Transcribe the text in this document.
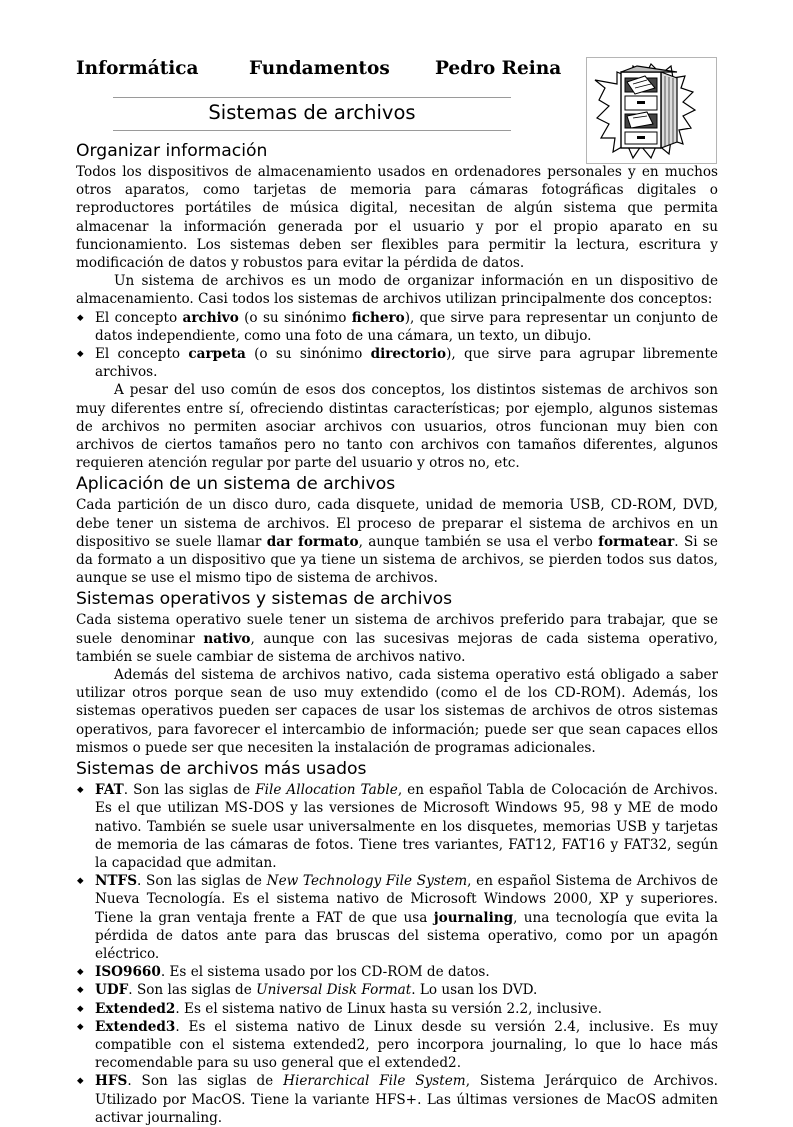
Informática	Fundamentos Pedro Reina
Sistemas de archivos
Organizar información

Todos los dispositivos de almacenamiento usados en ordenadores personales y en muchos otros aparatos, como tarjetas de memoria para cámaras fotográficas digitales o reproductores portátiles de música digital, necesitan de algún sistema que permita almacenar la información generada por el usuario y por el propio aparato en su funcionamiento. Los sistemas deben ser flexibles para permitir la lectura, escritura y modificación de datos y robustos para evitar la pérdida de datos.

Un sistema de archivos es un modo de organizar información en un dispositivo de almacenamiento. Casi todos los sistemas de archivos utilizan principalmente dos conceptos:

◆ El concepto archivo (o su sinónimo fichero), que sirve para representar un conjunto de datos independiente, como una foto de una cámara, un texto, un dibujo.
◆ El concepto carpeta (o su sinónimo directorio), que sirve para agrupar libremente archivos.

A pesar del uso común de esos dos conceptos, los distintos sistemas de archivos son muy diferentes entre sí, ofreciendo distintas características; por ejemplo, algunos sistemas de archivos no permiten asociar archivos con usuarios, otros funcionan muy bien con archivos de ciertos tamaños pero no tanto con archivos con tamaños diferentes, algunos requieren atención regular por parte del usuario y otros no, etc.

Aplicación de un sistema de archivos

Cada partición de un disco duro, cada disquete, unidad de memoria USB, CD-ROM, DVD, debe tener un sistema de archivos. El proceso de preparar el sistema de archivos en un dispositivo se suele llamar dar formato, aunque también se usa el verbo formatear. Si se da formato a un dispositivo que ya tiene un sistema de archivos, se pierden todos sus datos, aunque se use el mismo tipo de sistema de archivos.

Sistemas operativos y sistemas de archivos

Cada sistema operativo suele tener un sistema de archivos preferido para trabajar, que se suele denominar nativo, aunque con las sucesivas mejoras de cada sistema operativo, también se suele cambiar de sistema de archivos nativo.

Además del sistema de archivos nativo, cada sistema operativo está obligado a saber utilizar otros porque sean de uso muy extendido (como el de los CD-ROM). Además, los sistemas operativos pueden ser capaces de usar los sistemas de archivos de otros sistemas operativos, para favorecer el intercambio de información; puede ser que sean capaces ellos mismos o puede ser que necesiten la instalación de programas adicionales.

Sistemas de archivos más usados
◆ FAT. Son las siglas de File Allocation Table, en español Tabla de Colocación de Archivos. Es el que utilizan MS-DOS y las versiones de Microsoft Windows 95, 98 y ME de modo nativo. También se suele usar universalmente en los disquetes, memorias USB y tarjetas de memoria de las cámaras de fotos. Tiene tres variantes, FAT12, FAT16 y FAT32, según la capacidad que admitan.
◆ NTFS. Son las siglas de New Technology File System, en español Sistema de Archivos de Nueva Tecnología. Es el sistema nativo de Microsoft Windows 2000, XP y superiores. Tiene la gran ventaja frente a FAT de que usa journaling, una tecnología que evita la pérdida de datos ante para das bruscas del sistema operativo, como por un apagón eléctrico.
◆ ISO9660. Es el sistema usado por los CD-ROM de datos.
◆ UDF. Son las siglas de Universal Disk Format. Lo usan los DVD.
◆ Extended2. Es el sistema nativo de Linux hasta su versión 2.2, inclusive.
◆ Extended3. Es el sistema nativo de Linux desde su versión 2.4, inclusive. Es muy compatible con el sistema extended2, pero incorpora journaling, lo que lo hace más recomendable para su uso general que el extended2.
◆ HFS. Son las siglas de Hierarchical File System, Sistema Jerárquico de Archivos. Utilizado por MacOS. Tiene la variante HFS+. Las últimas versiones de MacOS admiten activar journaling.
